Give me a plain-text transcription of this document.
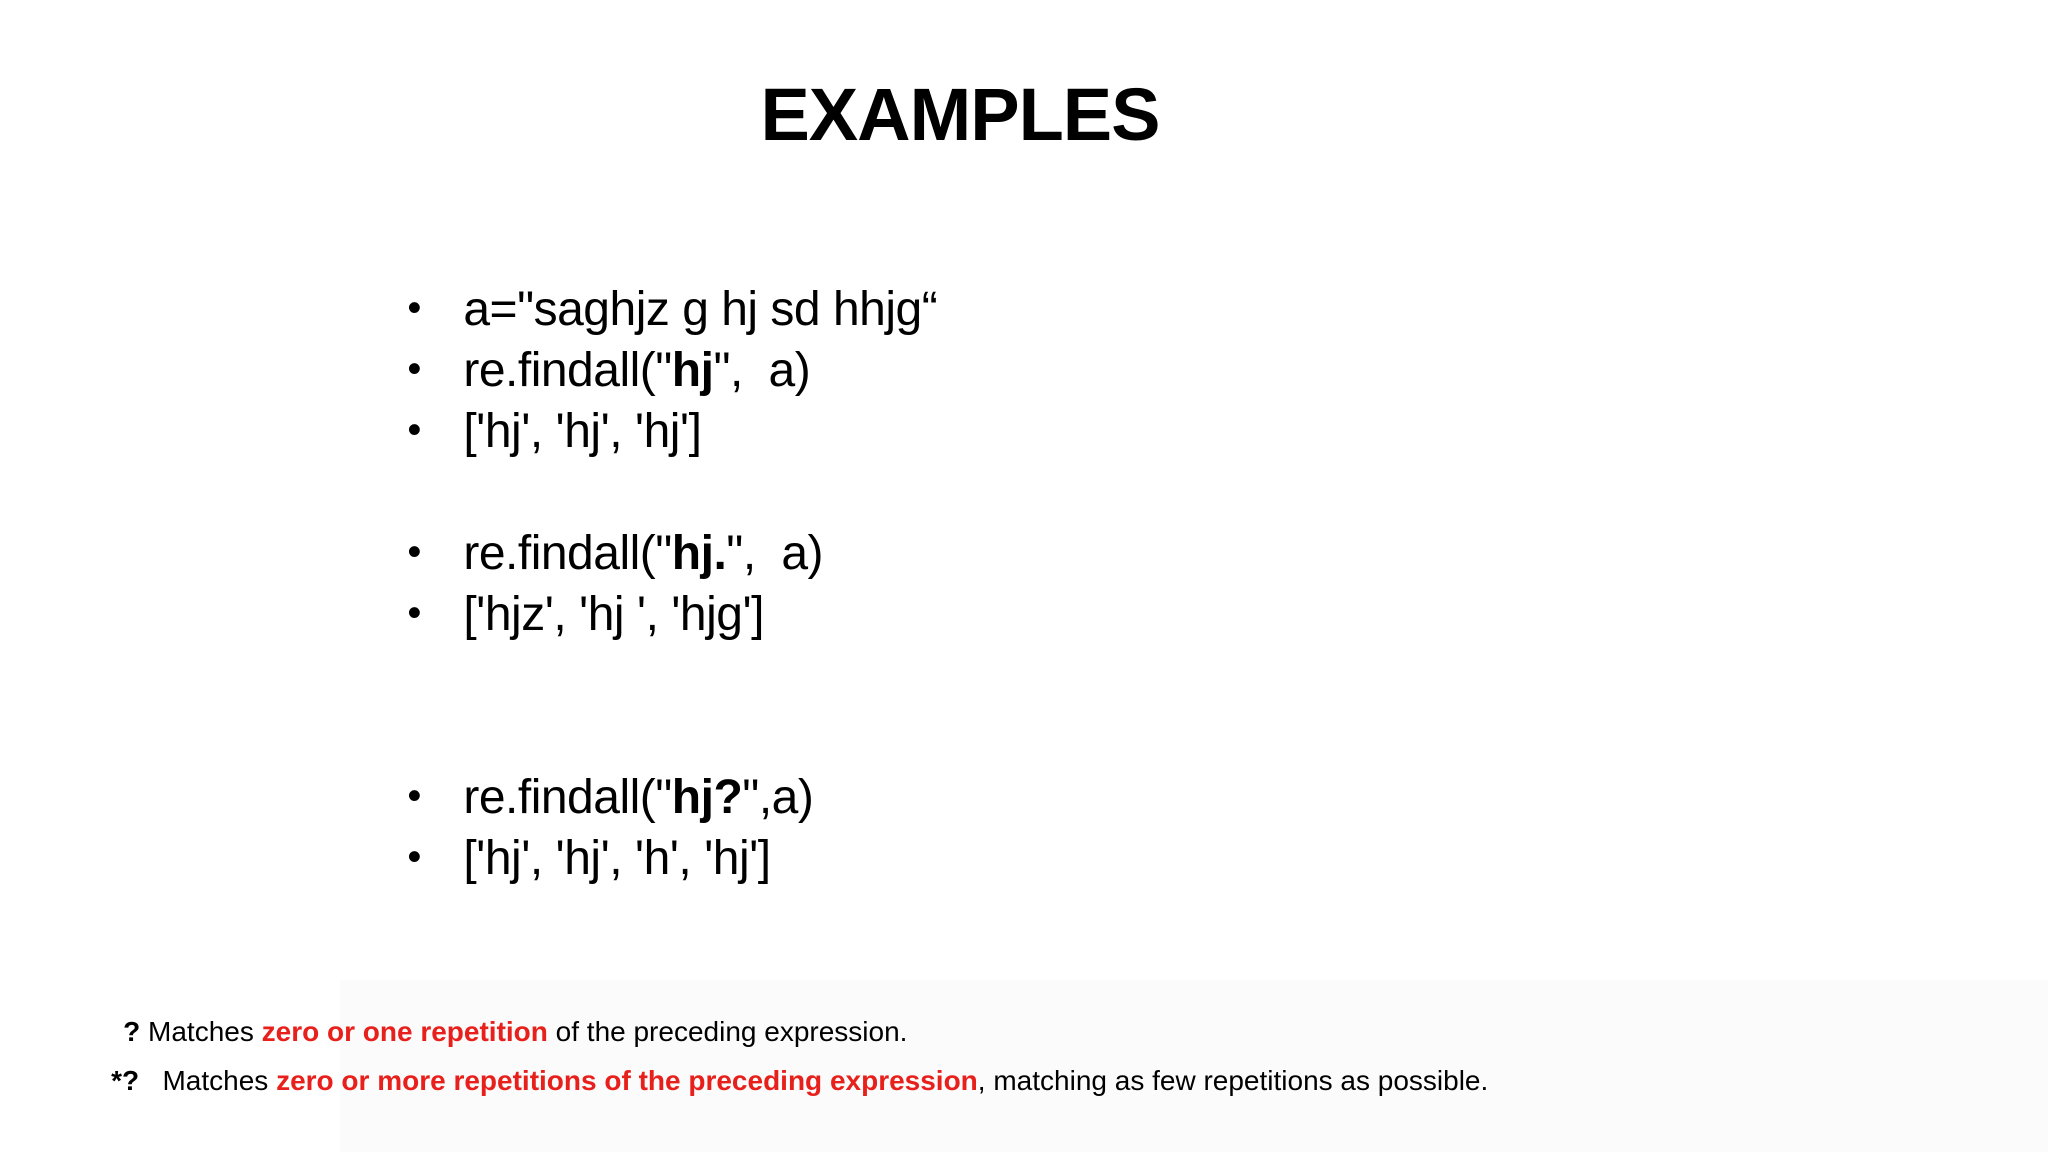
EXAMPLES

• a="saghjz g hj sd hhjg“

• re.findall("hj",  a)

• ['hj', 'hj', 'hj']

• re.findall("hj.",  a)

• ['hjz', 'hj ', 'hjg']

• re.findall("hj?",a)

• ['hj', 'hj', 'h', 'hj']

? Matches zero or one repetition of the preceding expression.

*? Matches zero or more repetitions of the preceding expression, matching as few repetitions as possible.
